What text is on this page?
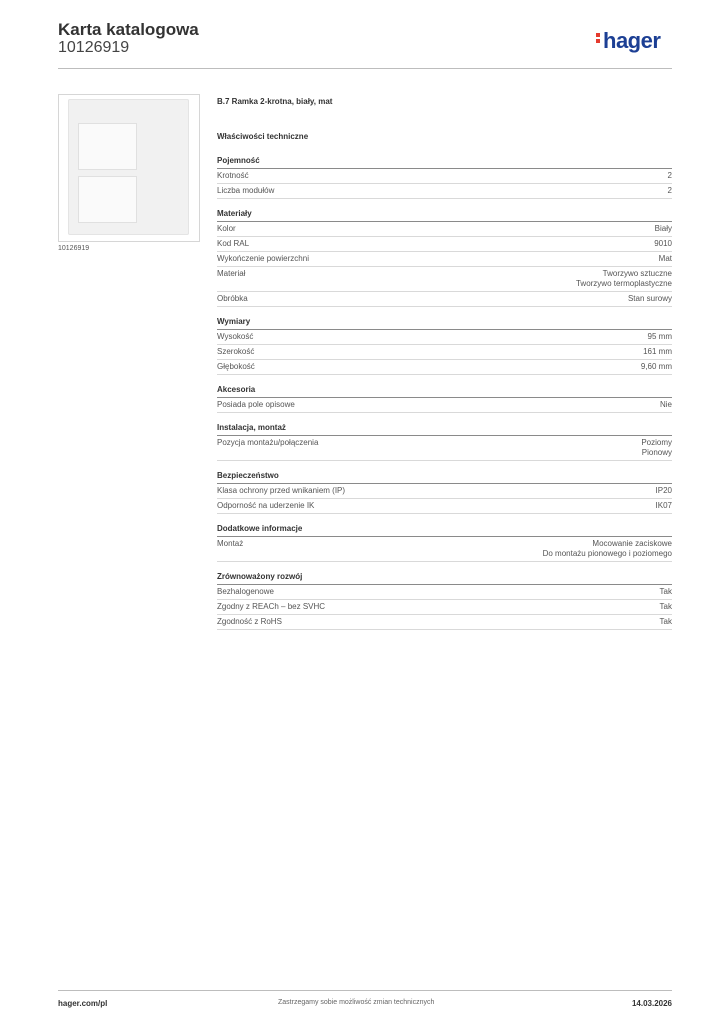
Karta katalogowa
10126919	hager
10126919
B.7 Ramka 2-krotna, biały, mat
Właściwości techniczne
Pojemność
Krotność	2
Liczba modułów	2
Materiały
Kolor	Biały
Kod RAL	9010
Wykończenie powierzchni	Mat
Materiał	Tworzywo sztuczne
Tworzywo termoplastyczne
Obróbka	Stan surowy
Wymiary
Wysokość	95 mm
Szerokość	161 mm
Głębokość	9,60 mm
Akcesoria
Posiada pole opisowe	Nie
Instalacja, montaż
Pozycja montażu/połączenia	Poziomy
Pionowy
Bezpieczeństwo
Klasa ochrony przed wnikaniem (IP)	IP20
Odporność na uderzenie IK	IK07
Dodatkowe informacje
Montaż	Mocowanie zaciskowe
Do montażu pionowego i poziomego
Zrównoważony rozwój
Bezhalogenowe	Tak
Zgodny z REACh – bez SVHC	Tak
Zgodność z RoHS	Tak
hager.com/pl	Zastrzegamy sobie możliwość zmian technicznych	14.03.2026
